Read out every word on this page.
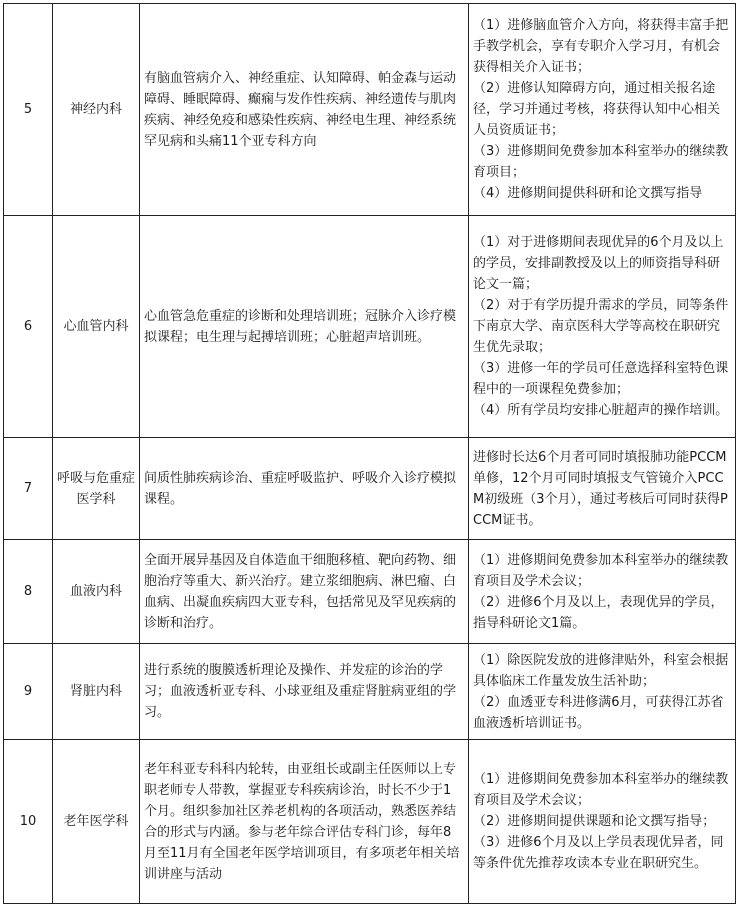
5	神经内科	有脑血管病介入、神经重症、认知障碍、帕金森与运动障碍、睡眠障碍、癫痫与发作性疾病、神经遗传与肌肉疾病、神经免疫和感染性疾病、神经电生理、神经系统罕见病和头痛11个亚专科方向	（1）进修脑血管介入方向，将获得丰富手把手教学机会，享有专职介入学习月，有机会获得相关介入证书；
（2）进修认知障碍方向，通过相关报名途径，学习并通过考核，将获得认知中心相关人员资质证书；
（3）进修期间免费参加本科室举办的继续教育项目；
（4）进修期间提供科研和论文撰写指导

6	心血管内科	心血管急危重症的诊断和处理培训班；冠脉介入诊疗模拟课程；电生理与起搏培训班；心脏超声培训班。	（1）对于进修期间表现优异的6个月及以上的学员，安排副教授及以上的师资指导科研论文一篇；
（2）对于有学历提升需求的学员，同等条件下南京大学、南京医科大学等高校在职研究生优先录取；
（3）进修一年的学员可任意选择科室特色课程中的一项课程免费参加；
（4）所有学员均安排心脏超声的操作培训。

7	呼吸与危重症医学科	间质性肺疾病诊治、重症呼吸监护、呼吸介入诊疗模拟课程。	进修时长达6个月者可同时填报肺功能PCCM单修，12个月可同时填报支气管镜介入PCCM初级班（3个月），通过考核后可同时获得PCCM证书。

8	血液内科	全面开展异基因及自体造血干细胞移植、靶向药物、细胞治疗等重大、新兴治疗。建立浆细胞病、淋巴瘤、白血病、出凝血疾病四大亚专科，包括常见及罕见疾病的诊断和治疗。	（1）进修期间免费参加本科室举办的继续教育项目及学术会议；
（2）进修6个月及以上，表现优异的学员，指导科研论文1篇。

9	肾脏内科	进行系统的腹膜透析理论及操作、并发症的诊治的学习；血液透析亚专科、小球亚组及重症肾脏病亚组的学习。	（1）除医院发放的进修津贴外，科室会根据具体临床工作量发放生活补助；
（2）血透亚专科进修满6月，可获得江苏省血液透析培训证书。

10	老年医学科	老年科亚专科科内轮转，由亚组长或副主任医师以上专职老师专人带教，掌握亚专科疾病诊治，时长不少于1个月。组织参加社区养老机构的各项活动，熟悉医养结合的形式与内涵。参与老年综合评估专科门诊，每年8月至11月有全国老年医学培训项目，有多项老年相关培训讲座与活动	（1）进修期间免费参加本科室举办的继续教育项目及学术会议；
（2）进修期间提供课题和论文撰写指导；
（3）进修6个月及以上学员表现优异者，同等条件优先推荐攻读本专业在职研究生。
